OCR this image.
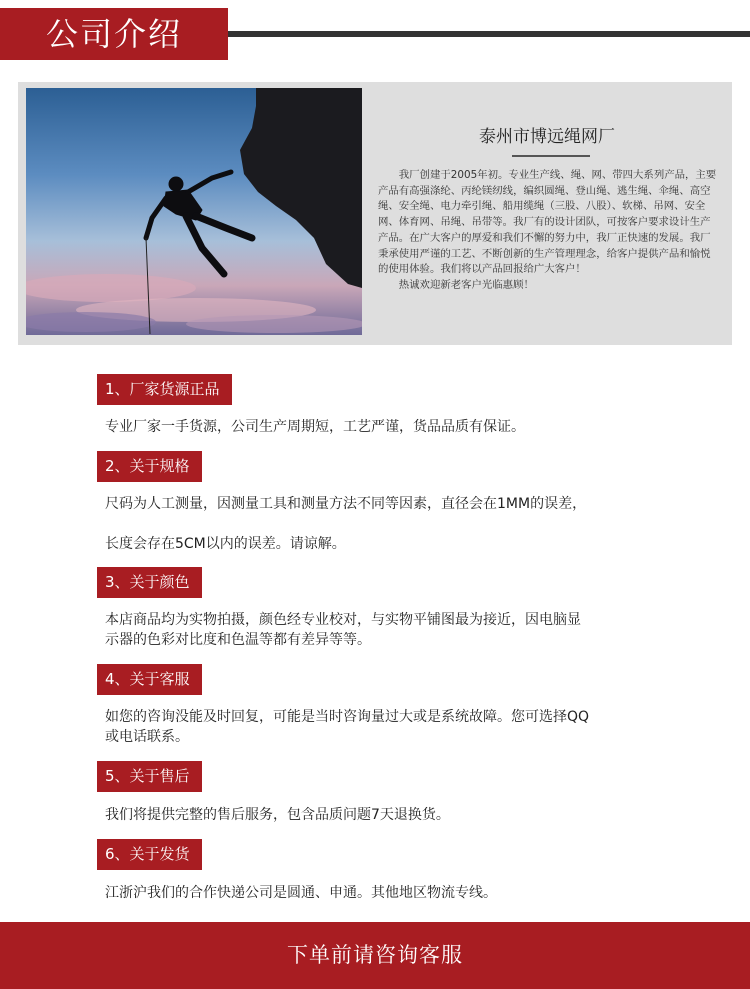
公司介绍
泰州市博远绳网厂
　　我厂创建于2005年初。专业生产线、绳、网、带四大系列产品，主要产品有高强涤纶、丙纶镁纫线，编织圆绳、登山绳、逃生绳、伞绳、高空绳、安全绳、电力牵引绳、船用缆绳（三股、八股）、软梯、吊网、安全网、体育网、吊绳、吊带等。我厂有的设计团队，可按客户要求设计生产产品。在广大客户的厚爱和我们不懈的努力中，我厂正快速的发展。我厂秉承使用严谨的工艺、不断创新的生产管理理念，给客户提供产品和愉悦的使用体验。我们将以产品回报给广大客户！
　　热诚欢迎新老客户光临惠顾！
1、厂家货源正品
专业厂家一手货源，公司生产周期短，工艺严谨，货品品质有保证。
2、关于规格
尺码为人工测量，因测量工具和测量方法不同等因素，直径会在1MM的误差，
长度会存在5CM以内的误差。请谅解。
3、关于颜色
本店商品均为实物拍摄，颜色经专业校对，与实物平铺图最为接近，因电脑显
示器的色彩对比度和色温等都有差异等等。
4、关于客服
如您的咨询没能及时回复，可能是当时咨询量过大或是系统故障。您可选择QQ
或电话联系。
5、关于售后
我们将提供完整的售后服务，包含品质问题7天退换货。
6、关于发货
江浙沪我们的合作快递公司是圆通、申通。其他地区物流专线。
下单前请咨询客服
